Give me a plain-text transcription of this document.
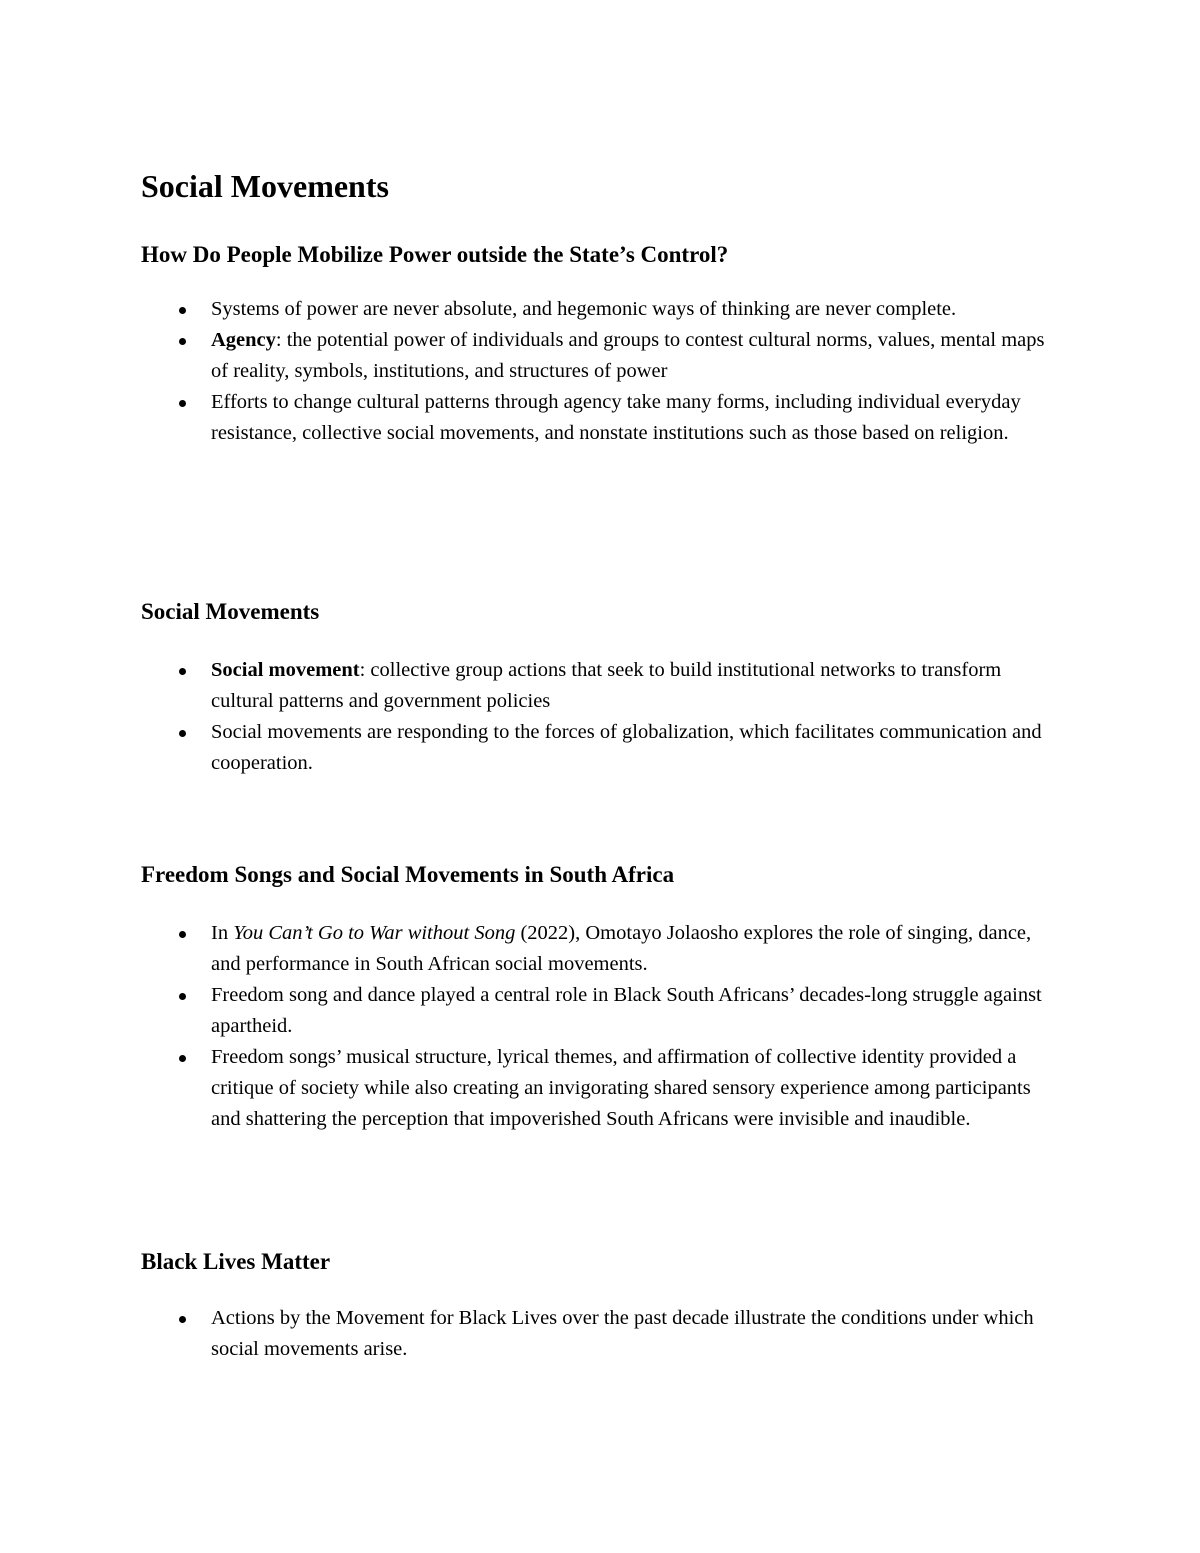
Social Movements
How Do People Mobilize Power outside the State’s Control?
Systems of power are never absolute, and hegemonic ways of thinking are never complete.
Agency: the potential power of individuals and groups to contest cultural norms, values, mental maps of reality, symbols, institutions, and structures of power
Efforts to change cultural patterns through agency take many forms, including individual everyday resistance, collective social movements, and nonstate institutions such as those based on religion.
Social Movements
Social movement: collective group actions that seek to build institutional networks to transform cultural patterns and government policies
Social movements are responding to the forces of globalization, which facilitates communication and cooperation.
Freedom Songs and Social Movements in South Africa
In You Can’t Go to War without Song (2022), Omotayo Jolaosho explores the role of singing, dance, and performance in South African social movements.
Freedom song and dance played a central role in Black South Africans’ decades-long struggle against apartheid.
Freedom songs’ musical structure, lyrical themes, and affirmation of collective identity provided a critique of society while also creating an invigorating shared sensory experience among participants and shattering the perception that impoverished South Africans were invisible and inaudible.
Black Lives Matter
Actions by the Movement for Black Lives over the past decade illustrate the conditions under which social movements arise.
